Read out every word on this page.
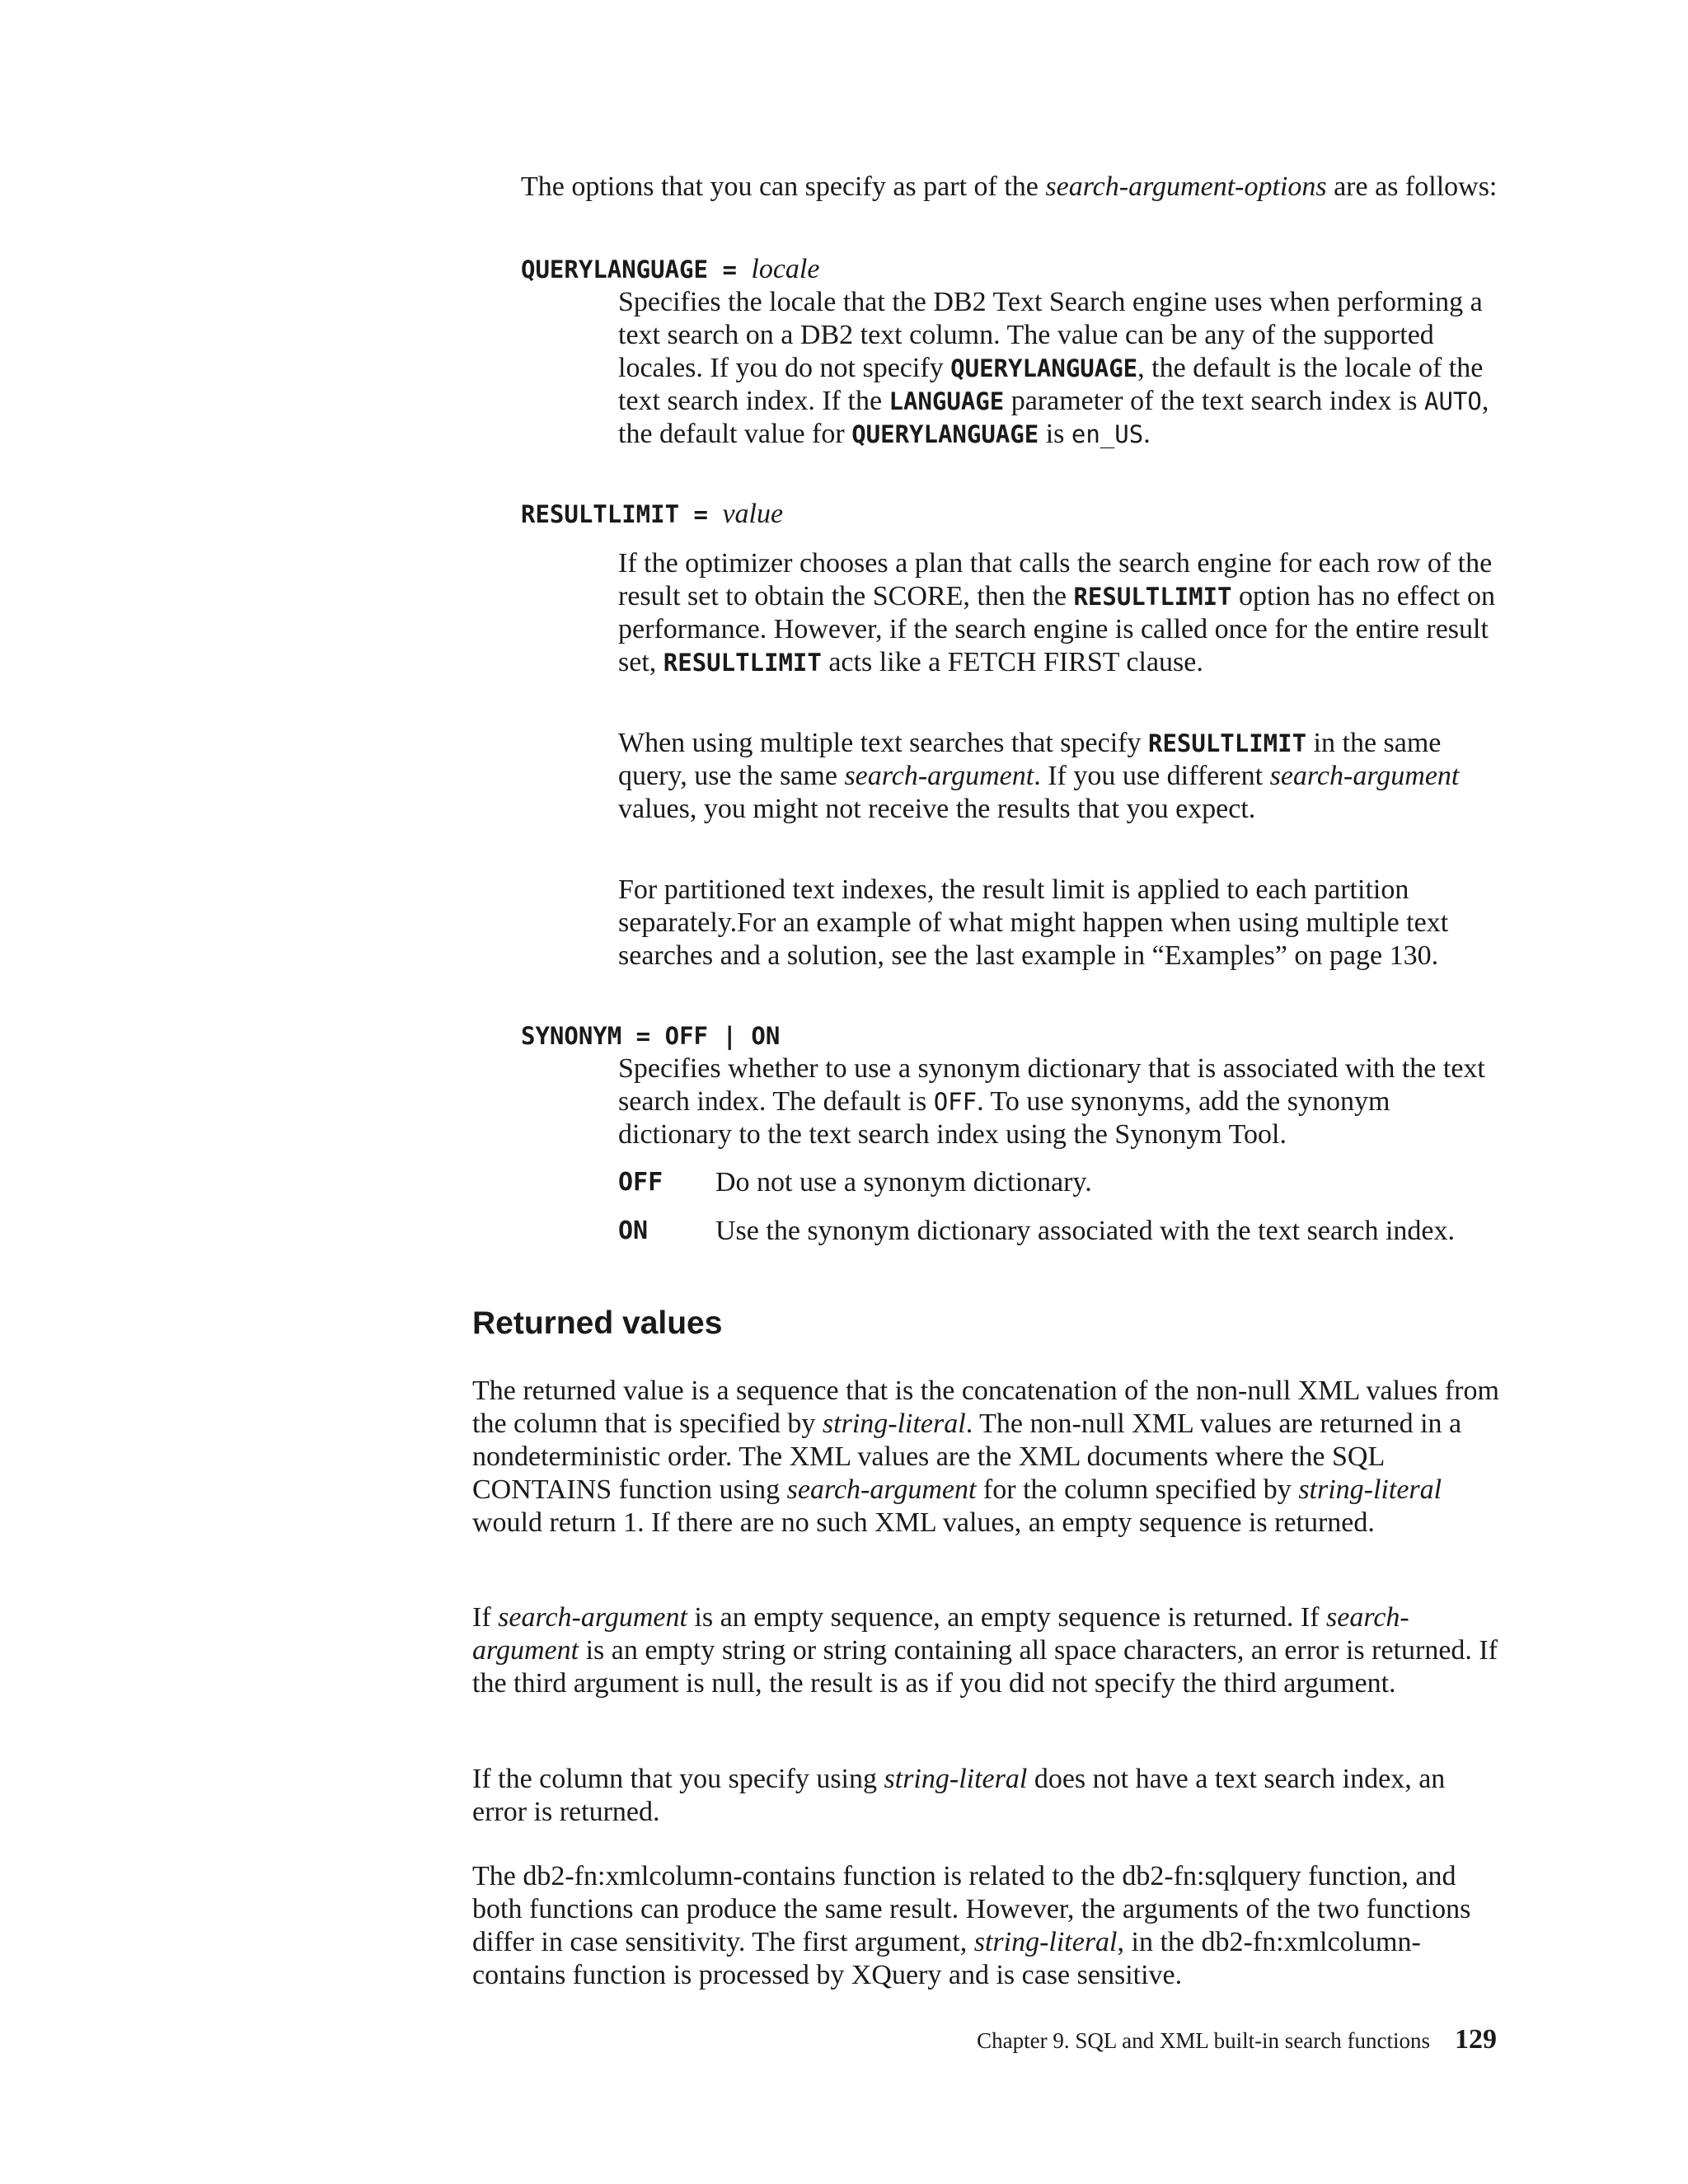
The options that you can specify as part of the search-argument-options are as follows:

QUERYLANGUAGE = locale

Specifies the locale that the DB2 Text Search engine uses when performing a text search on a DB2 text column. The value can be any of the supported locales. If you do not specify QUERYLANGUAGE, the default is the locale of the text search index. If the LANGUAGE parameter of the text search index is AUTO, the default value for QUERYLANGUAGE is en_US.

RESULTLIMIT = value

If the optimizer chooses a plan that calls the search engine for each row of the result set to obtain the SCORE, then the RESULTLIMIT option has no effect on performance. However, if the search engine is called once for the entire result set, RESULTLIMIT acts like a FETCH FIRST clause.

When using multiple text searches that specify RESULTLIMIT in the same query, use the same search-argument. If you use different search-argument values, you might not receive the results that you expect.

For partitioned text indexes, the result limit is applied to each partition separately.For an example of what might happen when using multiple text searches and a solution, see the last example in “Examples” on page 130.

SYNONYM = OFF | ON

Specifies whether to use a synonym dictionary that is associated with the text search index. The default is OFF. To use synonyms, add the synonym dictionary to the text search index using the Synonym Tool.

OFF Do not use a synonym dictionary.

ON Use the synonym dictionary associated with the text search index.

Returned values

The returned value is a sequence that is the concatenation of the non-null XML values from the column that is specified by string-literal. The non-null XML values are returned in a nondeterministic order. The XML values are the XML documents where the SQL CONTAINS function using search-argument for the column specified by string-literal would return 1. If there are no such XML values, an empty sequence is returned.

If search-argument is an empty sequence, an empty sequence is returned. If search-argument is an empty string or string containing all space characters, an error is returned. If the third argument is null, the result is as if you did not specify the third argument.

If the column that you specify using string-literal does not have a text search index, an error is returned.

The db2-fn:xmlcolumn-contains function is related to the db2-fn:sqlquery function, and both functions can produce the same result. However, the arguments of the two functions differ in case sensitivity. The first argument, string-literal, in the db2-fn:xmlcolumn-contains function is processed by XQuery and is case sensitive.

Chapter 9. SQL and XML built-in search functions 129
